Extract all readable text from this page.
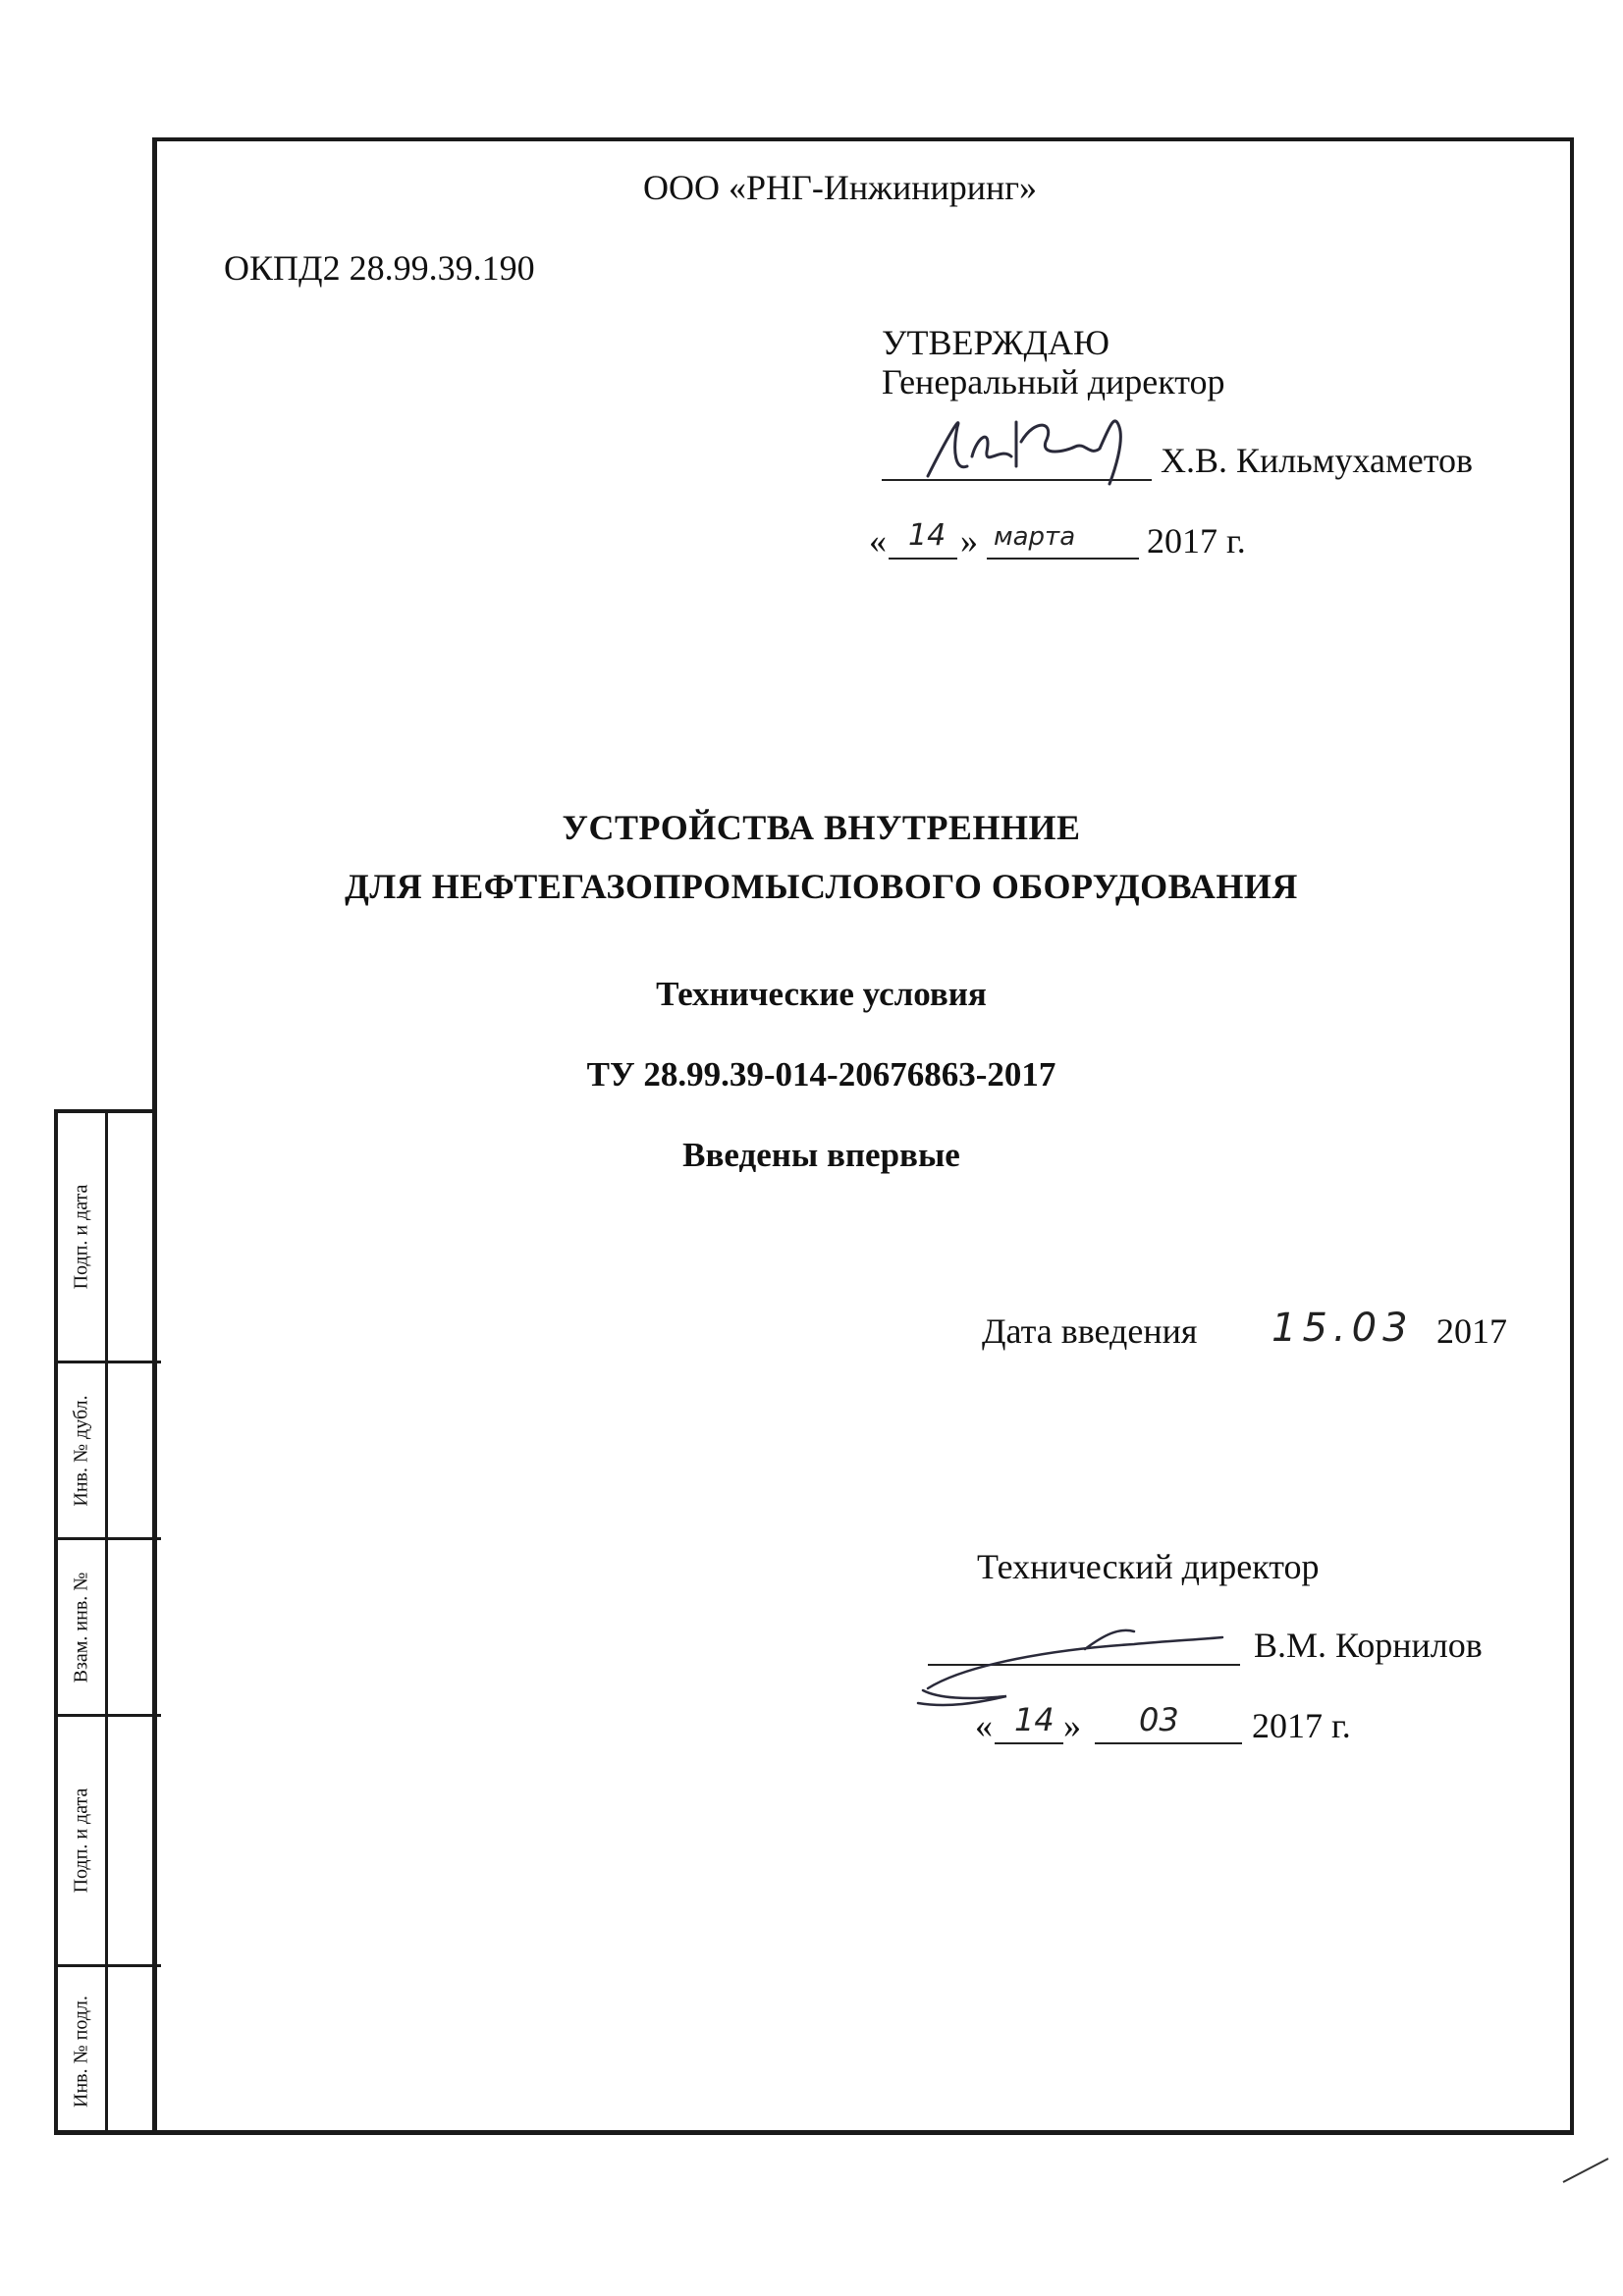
ООО «РНГ-Инжиниринг»
ОКПД2 28.99.39.190
УТВЕРЖДАЮ
Генеральный директор
Х.В. Кильмухаметов
« 14 » марта 2017 г.
УСТРОЙСТВА ВНУТРЕННИЕ
ДЛЯ НЕФТЕГАЗОПРОМЫСЛОВОГО ОБОРУДОВАНИЯ
Технические условия
ТУ 28.99.39-014-20676863-2017
Введены впервые
Дата введения 15.03 2017
Технический директор
В.М. Корнилов
« 14 » 03 2017 г.
Подп. и дата
Инв. № дубл.
Взам. инв. №
Подп. и дата
Инв. № подл.
